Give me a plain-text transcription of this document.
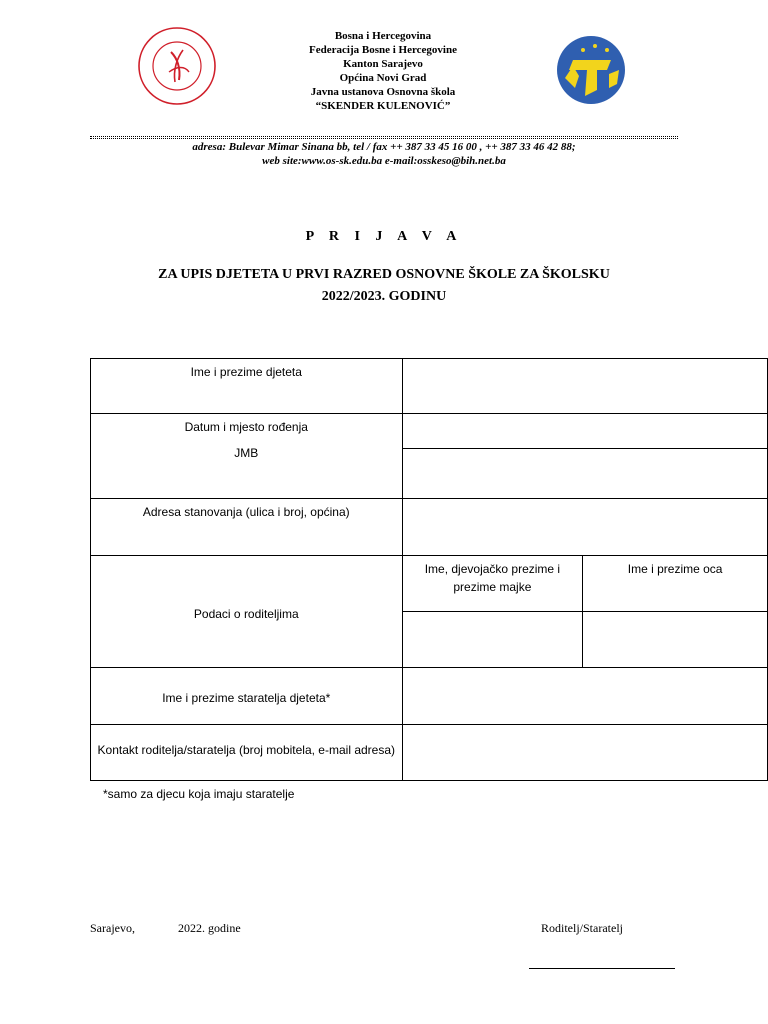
Bosna i Hercegovina
Federacija Bosne i Hercegovine
Kanton Sarajevo
Općina Novi Grad
Javna ustanova Osnovna škola
“SKENDER KULENOVIĆ”
adresa: Bulevar Mimar Sinana bb, tel / fax ++ 387 33 45 16 00 , ++ 387 33 46 42 88;
web site:www.os-sk.edu.ba e-mail:osskeso@bih.net.ba
P R I J A V A
ZA UPIS DJETETA U PRVI RAZRED OSNOVNE ŠKOLE ZA ŠKOLSKU
2022/2023. GODINU
Ime i prezime djeteta		

Datum i mjesto rođenja
JMB		

Adresa stanovanja (ulica i broj, općina)		
Podaci o roditeljima	Ime, djevojačko prezime i prezime majke	Ime i prezime oca

Ime i prezime staratelja djeteta*		
Kontakt roditelja/staratelja (broj mobitela, e-mail adresa)		
*samo za djecu koja imaju staratelje
Sarajevo,	2022. godine	Roditelj/Staratelj
